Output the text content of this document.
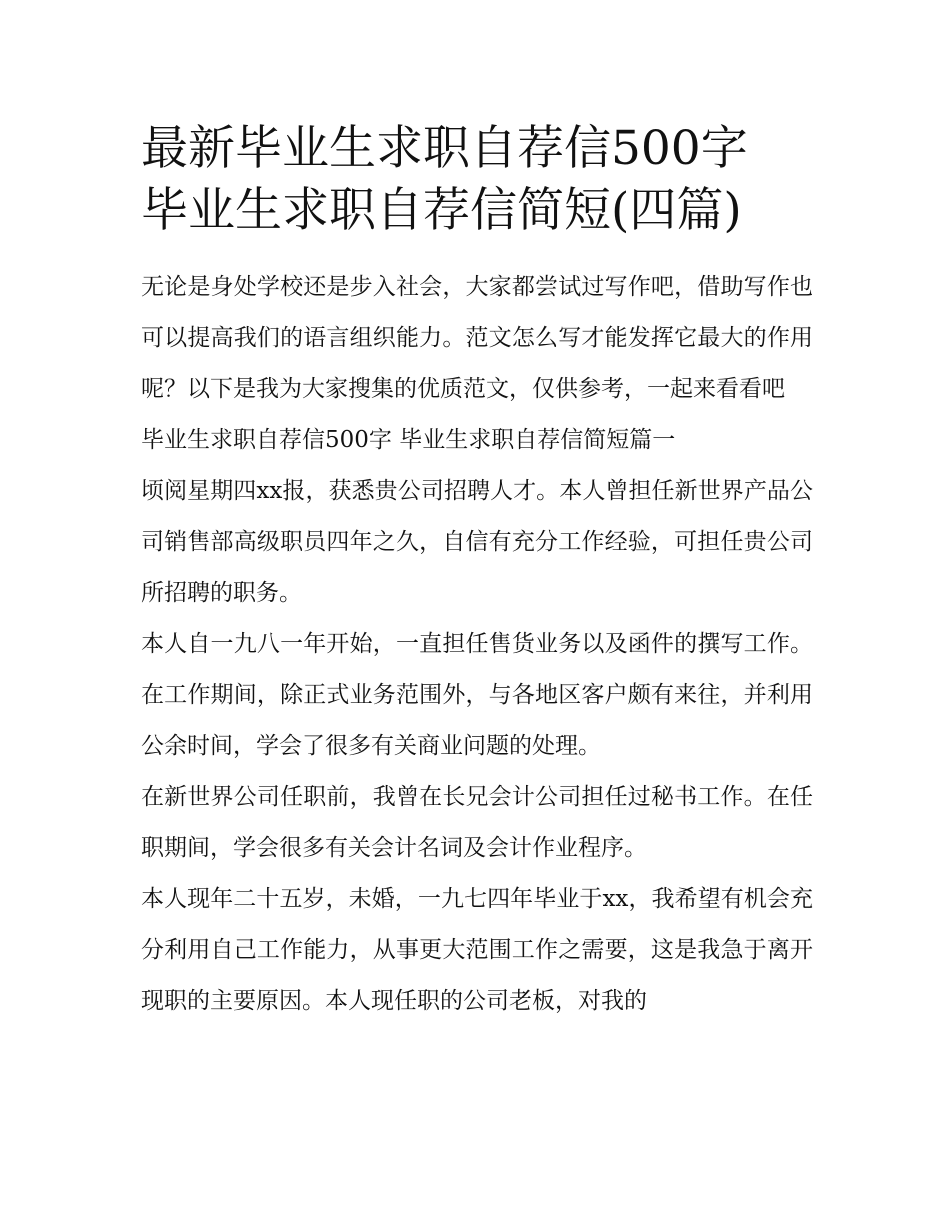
最新毕业生求职自荐信500字
毕业生求职自荐信简短(四篇)

无论是身处学校还是步入社会，大家都尝试过写作吧，借助写作也可以提高我们的语言组织能力。范文怎么写才能发挥它最大的作用呢？以下是我为大家搜集的优质范文，仅供参考，一起来看看吧

毕业生求职自荐信500字 毕业生求职自荐信简短篇一

顷阅星期四xx报，获悉贵公司招聘人才。本人曾担任新世界产品公司销售部高级职员四年之久，自信有充分工作经验，可担任贵公司所招聘的职务。

本人自一九八一年开始，一直担任售货业务以及函件的撰写工作。在工作期间，除正式业务范围外，与各地区客户颇有来往，并利用公余时间，学会了很多有关商业问题的处理。

在新世界公司任职前，我曾在长兄会计公司担任过秘书工作。在任职期间，学会很多有关会计名词及会计作业程序。

本人现年二十五岁，未婚，一九七四年毕业于xx，我希望有机会充分利用自己工作能力，从事更大范围工作之需要，这是我急于离开现职的主要原因。本人现任职的公司老板，对我的
